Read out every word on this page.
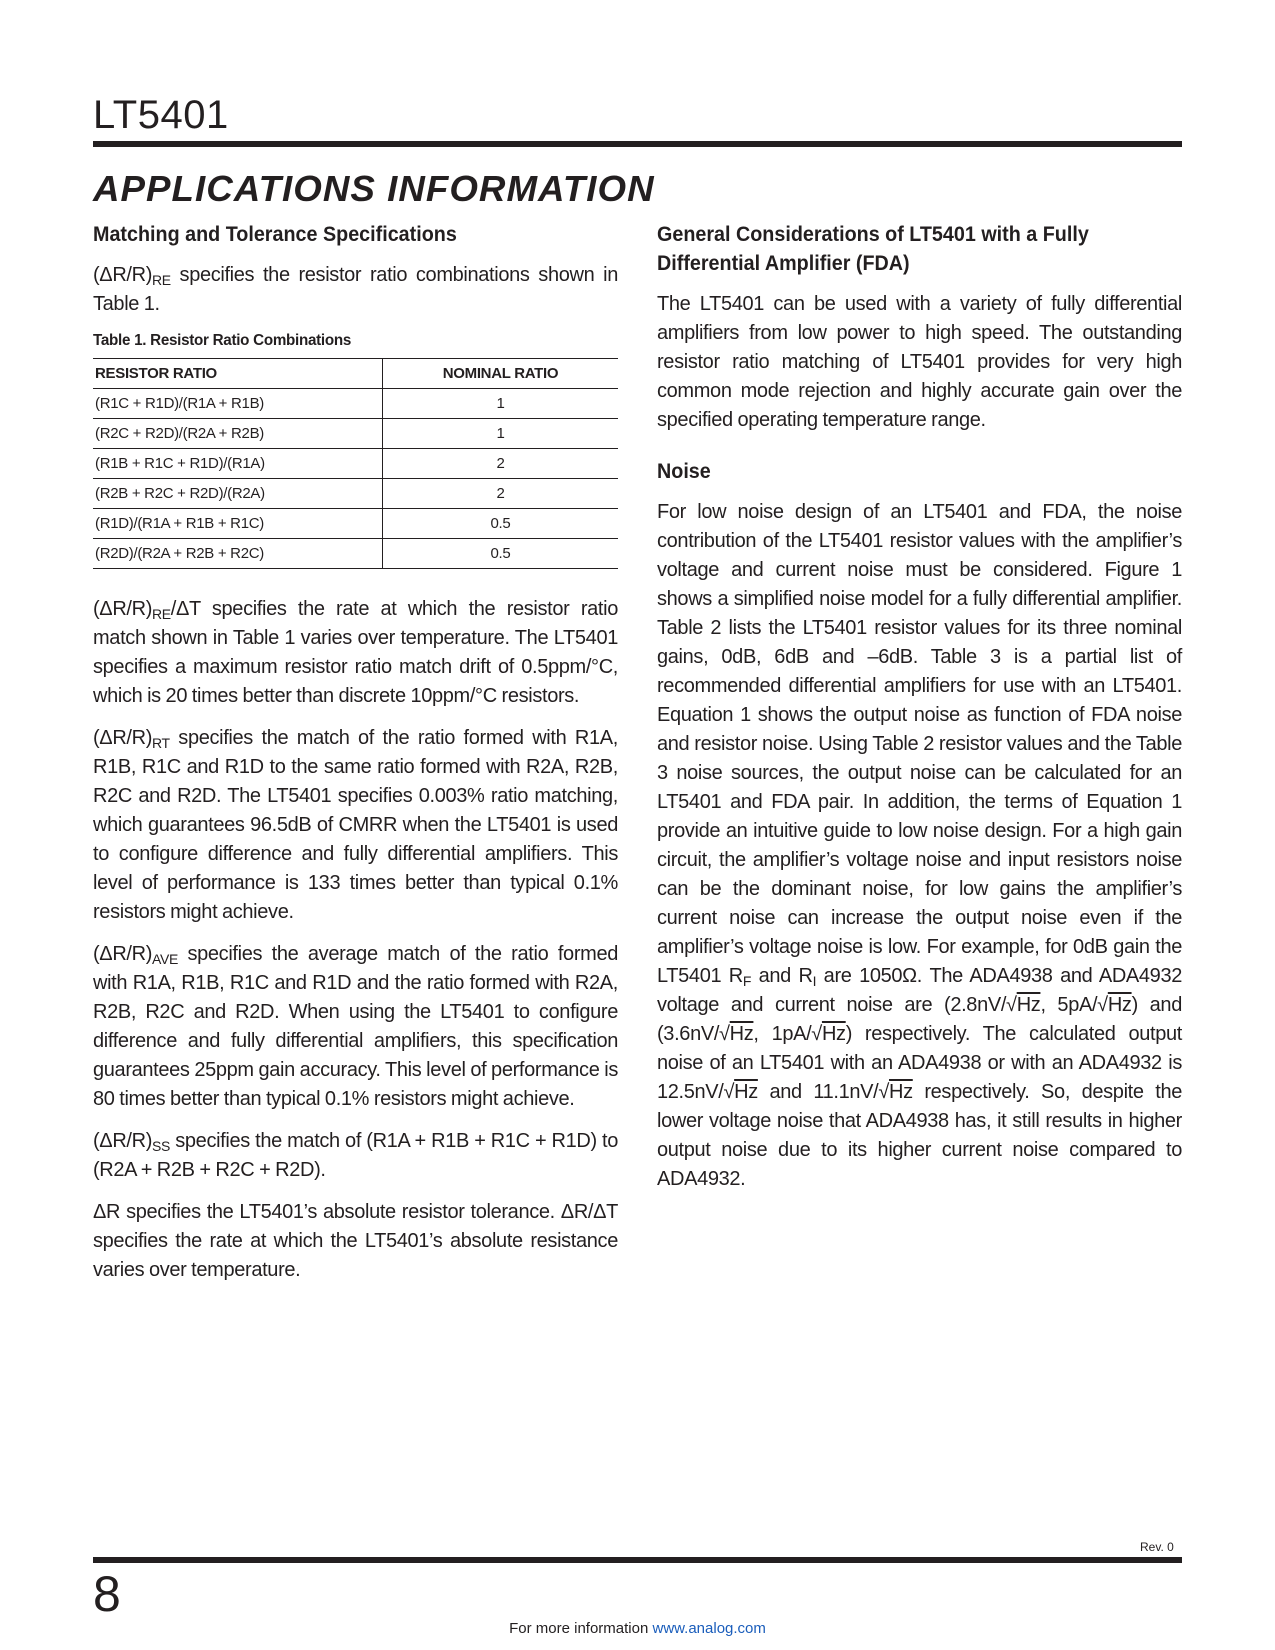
LT5401
APPLICATIONS INFORMATION
Matching and Tolerance Specifications

$(\Delta R/R)_{RE}$ specifies the resistor ratio combinations shown in Table 1.

Table 1. Resistor Ratio Combinations
RESISTOR RATIO	NOMINAL RATIO
(R1C + R1D)/(R1A + R1B)	1
(R2C + R2D)/(R2A + R2B)	1
(R1B + R1C + R1D)/(R1A)	2
(R2B + R2C + R2D)/(R2A)	2
(R1D)/(R1A + R1B + R1C)	0.5
(R2D)/(R2A + R2B + R2C)	0.5

$(\Delta R/R)_{RE}/\Delta T$ specifies the rate at which the resistor ratio match shown in Table 1 varies over temperature. The LT5401 specifies a maximum resistor ratio match drift of 0.5ppm/°C, which is 20 times better than discrete 10ppm/°C resistors.

$(\Delta R/R)_{RT}$ specifies the match of the ratio formed with R1A, R1B, R1C and R1D to the same ratio formed with R2A, R2B, R2C and R2D. The LT5401 specifies 0.003% ratio matching, which guarantees 96.5dB of CMRR when the LT5401 is used to configure difference and fully differential amplifiers. This level of performance is 133 times better than typical 0.1% resistors might achieve.

$(\Delta R/R)_{AVE}$ specifies the average match of the ratio formed with R1A, R1B, R1C and R1D and the ratio formed with R2A, R2B, R2C and R2D. When using the LT5401 to configure difference and fully differential amplifiers, this specification guarantees 25ppm gain accuracy. This level of performance is 80 times better than typical 0.1% resistors might achieve.

$(\Delta R/R)_{SS}$ specifies the match of (R1A + R1B + R1C + R1D) to (R2A + R2B + R2C + R2D).

ΔR specifies the LT5401’s absolute resistor tolerance. ΔR/ΔT specifies the rate at which the LT5401’s absolute resistance varies over temperature.

General Considerations of LT5401 with a Fully
Differential Amplifier (FDA)

The LT5401 can be used with a variety of fully differential amplifiers from low power to high speed. The outstanding resistor ratio matching of LT5401 provides for very high common mode rejection and highly accurate gain over the specified operating temperature range.

Noise

For low noise design of an LT5401 and FDA, the noise contribution of the LT5401 resistor values with the amplifier’s voltage and current noise must be considered. Figure 1 shows a simplified noise model for a fully differential amplifier. Table 2 lists the LT5401 resistor values for its three nominal gains, 0dB, 6dB and –6dB. Table 3 is a partial list of recommended differential amplifiers for use with an LT5401. Equation 1 shows the output noise as function of FDA noise and resistor noise. Using Table 2 resistor values and the Table 3 noise sources, the output noise can be calculated for an LT5401 and FDA pair. In addition, the terms of Equation 1 provide an intuitive guide to low noise design. For a high gain circuit, the amplifier’s voltage noise and input resistors noise can be the dominant noise, for low gains the amplifier’s current noise can increase the output noise even if the amplifier’s voltage noise is low. For example, for 0dB gain the LT5401 $R_F$ and $R_I$ are 1050Ω. The ADA4938 and ADA4932 voltage and current noise are (2.8nV/√Hz, 5pA/√Hz) and (3.6nV/√Hz, 1pA/√Hz) respectively. The calculated output noise of an LT5401 with an ADA4938 or with an ADA4932 is 12.5nV/√Hz and 11.1nV/√Hz respectively. So, despite the lower voltage noise that ADA4938 has, it still results in higher output noise due to its higher current noise compared to ADA4932.

Rev. 0
8
For more information www.analog.com
